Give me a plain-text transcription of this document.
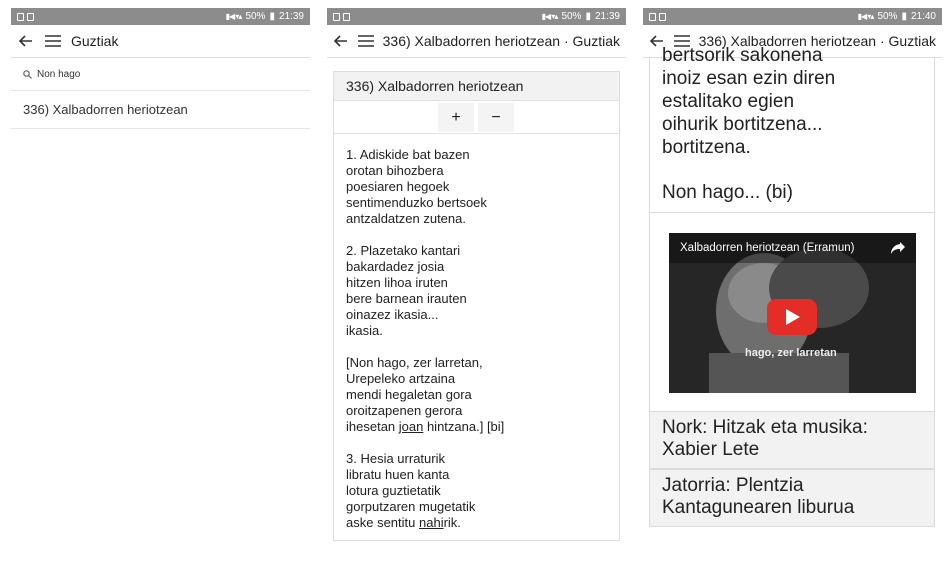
▮◀ ▾▴ 50% ▮ 21:39
Guztiak
Non hago
336) Xalbadorren heriotzean
▮◀ ▾▴ 50% ▮ 21:39
336) Xalbadorren heriotzean · Guztiak
336) Xalbadorren heriotzean
+	−
1. Adiskide bat bazen
orotan bihozbera
poesiaren hegoek
sentimenduzko bertsoek
antzaldatzen zutena.
2. Plazetako kantari
bakardadez josia
hitzen lihoa iruten
bere barnean irauten
oinazez ikasia...
ikasia.
[Non hago, zer larretan,
Urepeleko artzaina
mendi hegaletan gora
oroitzapenen gerora
ihesetan joan hintzana.] [bi]
3. Hesia urraturik
libratu huen kanta
lotura guztietatik
gorputzaren mugetatik
aske sentitu nahirik.
▮◀ ▾▴ 50% ▮ 21:40
336) Xalbadorren heriotzean · Guztiak
bertsorik sakonena
inoiz esan ezin diren
estalitako egien
oihurik bortitzena...
bortitzena.
Non hago... (bi)
Xalbadorren heriotzean (Erramun)
hago, zer larretan
Nork: Hitzak eta musika:
Xabier Lete
Jatorria: Plentzia
Kantagunearen liburua
